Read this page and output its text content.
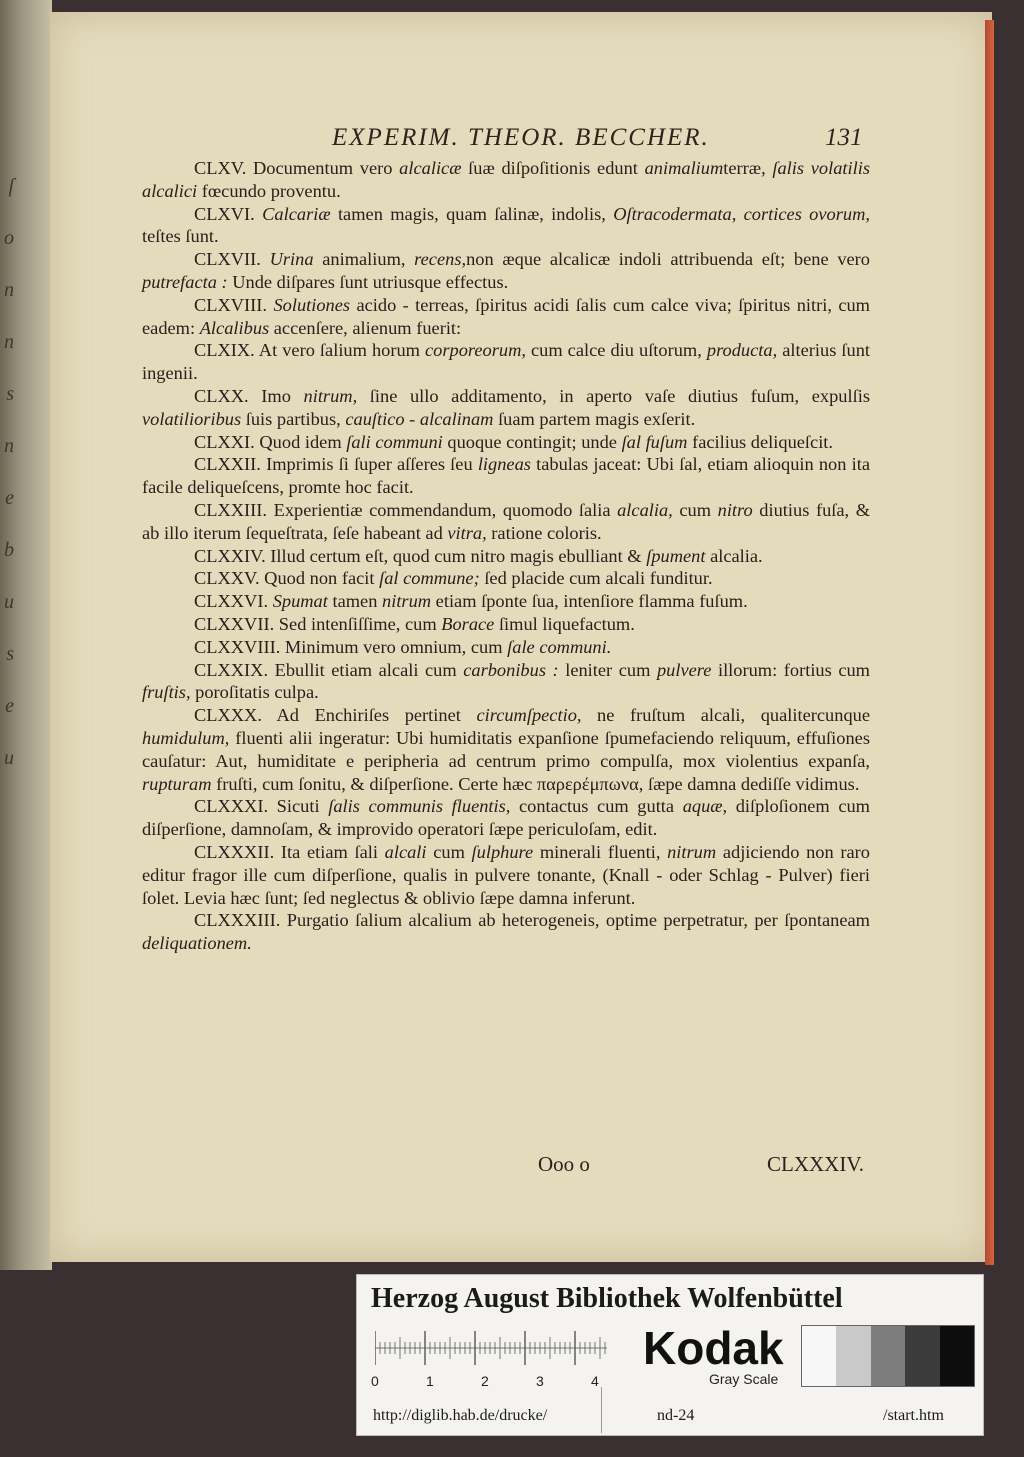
ſ
o
n
n
s
n
e
b
u
s
e
u
EXPERIM. THEOR. BECCHER.	131

CLXV. Documentum vero alcalicæ ſuæ diſpoſitionis edunt animaliumterræ, ſalis volatilis alcalici fœcundo proventu.

CLXVI. Calcariæ tamen magis, quam ſalinæ, indolis, Oſtracodermata, cortices ovorum, teſtes ſunt.

CLXVII. Urina animalium, recens,non æque alcalicæ indoli attribuenda eſt; bene vero putrefacta : Unde diſpares ſunt utriusque effectus.

CLXVIII. Solutiones acido - terreas, ſpiritus acidi ſalis cum calce viva; ſpiritus nitri, cum eadem: Alcalibus accenſere, alienum fuerit:

CLXIX. At vero ſalium horum corporeorum, cum calce diu uſtorum, producta, alterius ſunt ingenii.

CLXX. Imo nitrum, ſine ullo additamento, in aperto vaſe diutius fuſum, expulſis volatilioribus ſuis partibus, cauſtico - alcalinam ſuam partem magis exſerit.

CLXXI. Quod idem ſali communi quoque contingit; unde ſal fuſum facilius deliqueſcit.

CLXXII. Imprimis ſi ſuper aſſeres ſeu ligneas tabulas jaceat: Ubi ſal, etiam alioquin non ita facile deliqueſcens, promte hoc facit.

CLXXIII. Experientiæ commendandum, quomodo ſalia alcalia, cum nitro diutius fuſa, & ab illo iterum ſequeſtrata, ſeſe habeant ad vitra, ratione coloris.

CLXXIV. Illud certum eſt, quod cum nitro magis ebulliant & ſpument alcalia.

CLXXV. Quod non facit ſal commune; ſed placide cum alcali funditur.

CLXXVI. Spumat tamen nitrum etiam ſponte ſua, intenſiore flamma fuſum.

CLXXVII. Sed intenſiſſime, cum Borace ſimul liquefactum.

CLXXVIII. Minimum vero omnium, cum ſale communi.

CLXXIX. Ebullit etiam alcali cum carbonibus : leniter cum pulvere illorum: fortius cum fruſtis, poroſitatis culpa.

CLXXX. Ad Enchiriſes pertinet circumſpectio, ne fruſtum alcali, qualitercunque humidulum, fluenti alii ingeratur: Ubi humiditatis expanſione ſpumefaciendo reliquum, effuſiones cauſatur: Aut, humiditate e peripheria ad centrum primo compulſa, mox violentius expanſa, rupturam fruſti, cum ſonitu, & diſperſione. Certe hæc παρερέμπωνα, ſæpe damna dediſſe vidimus.

CLXXXI. Sicuti ſalis communis fluentis, contactus cum gutta aquæ, diſploſionem cum diſperſione, damnoſam, & improvido operatori ſæpe periculoſam, edit.

CLXXXII. Ita etiam ſali alcali cum ſulphure minerali fluenti, nitrum adjiciendo non raro editur fragor ille cum diſperſione, qualis in pulvere tonante, (Knall - oder Schlag - Pulver) fieri ſolet. Levia hæc ſunt; ſed neglectus & oblivio ſæpe damna inferunt.

CLXXXIII. Purgatio ſalium alcalium ab heterogeneis, optime perpetratur, per ſpontaneam deliquationem.

Ooo o	CLXXXIV.
Herzog August Bibliothek Wolfenbüttel
0	1	2	3	4
Kodak
Gray Scale
http://diglib.hab.de/drucke/	nd-24	/start.htm
